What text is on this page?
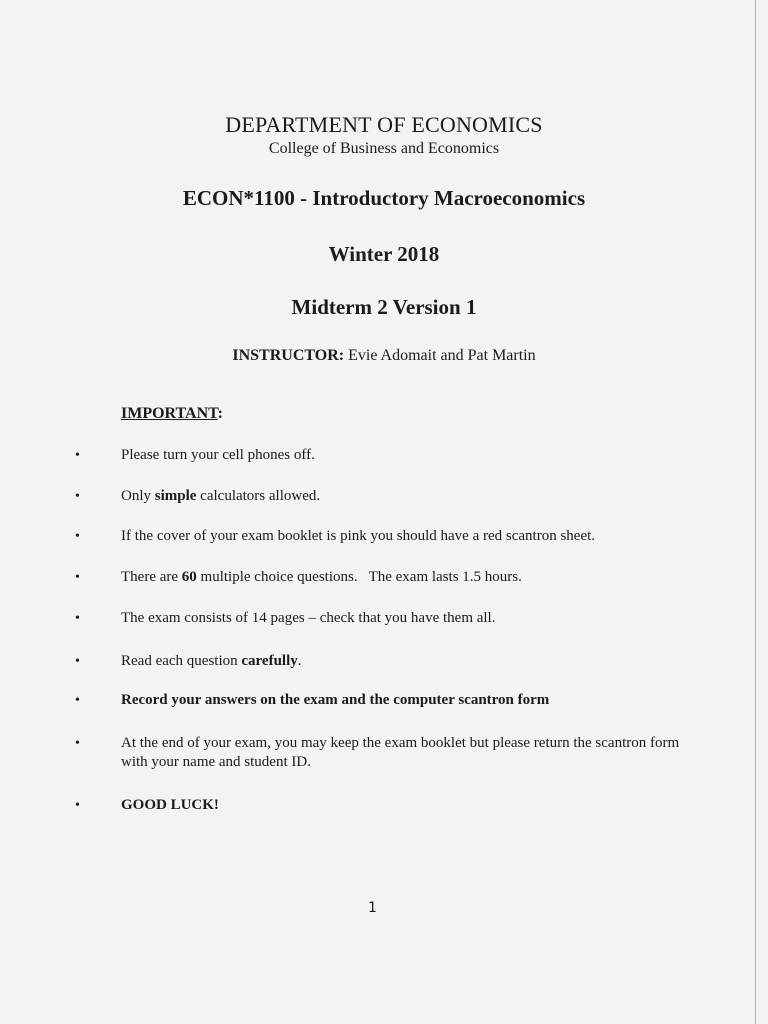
DEPARTMENT OF ECONOMICS
College of Business and Economics
ECON*1100 - Introductory Macroeconomics
Winter 2018
Midterm 2 Version 1
INSTRUCTOR: Evie Adomait and Pat Martin
IMPORTANT:
•	Please turn your cell phones off.
•	Only simple calculators allowed.
•	If the cover of your exam booklet is pink you should have a red scantron sheet.
•	There are 60 multiple choice questions.   The exam lasts 1.5 hours.
•	The exam consists of 14 pages – check that you have them all.
•	Read each question carefully.
•	Record your answers on the exam and the computer scantron form
•	At the end of your exam, you may keep the exam booklet but please return the scantron form with your name and student ID.
•	GOOD LUCK!
1
